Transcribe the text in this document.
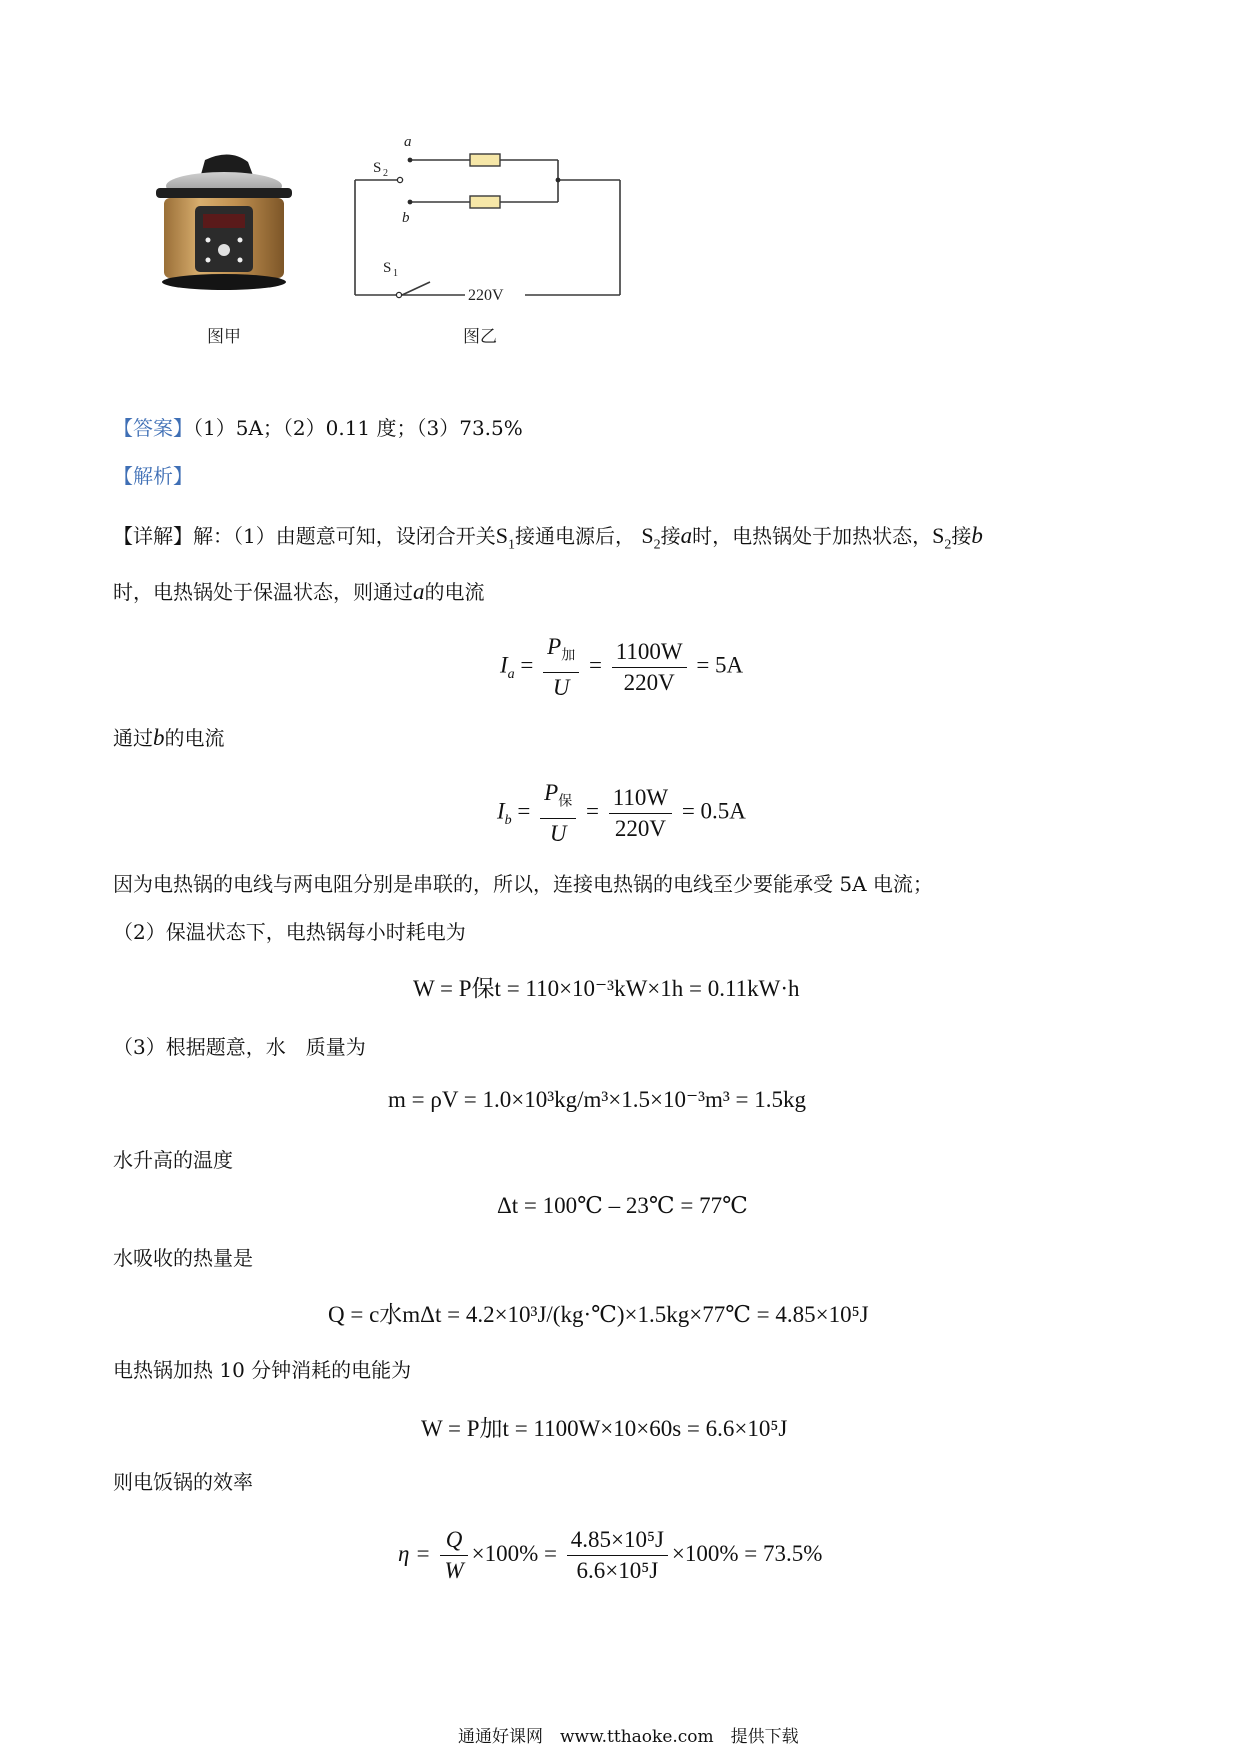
图甲
a
b
S 2
S 1
220V
图乙
【答案】（1）5A；（2）0.11 度；（3）73.5%
【解析】
【详解】解：（1）由题意可知，设闭合开关$S_1$接通电源后， $S_2$接a时，电热锅处于加热状态，$S_2$接b
时，电热锅处于保温状态，则通过a的电流
$I_a = \frac{P_加}{U} = \frac{1100W}{220V} = 5A$
通过b的电流
$I_b = \frac{P_保}{U} = \frac{110W}{220V} = 0.5A$
因为电热锅的电线与两电阻分别是串联的，所以，连接电热锅的电线至少要能承受 5A 电流；
（2）保温状态下，电热锅每小时耗电为
W = P保t = 110×10⁻³kW×1h = 0.11kW·h
（3）根据题意，水　质量为
m = ρV = 1.0×10³kg/m³×1.5×10⁻³m³ = 1.5kg
水升高的温度
Δt = 100℃ – 23℃ = 77℃
水吸收的热量是
Q = c水mΔt = 4.2×10³J/(kg·℃)×1.5kg×77℃ = 4.85×10⁵J
电热锅加热 10 分钟消耗的电能为
W = P加t = 1100W×10×60s = 6.6×10⁵J
则电饭锅的效率
$\eta = \frac{Q}{W} \times 100\% = \frac{\text{4.85×10⁵J}}{\text{6.6×10⁵J}} \times 100\% = 73.5\%$
通通好课网　www.tthaoke.com　提供下载
